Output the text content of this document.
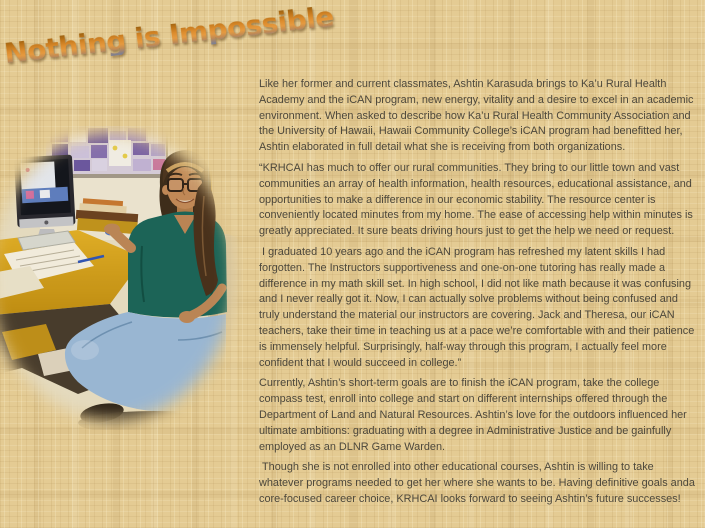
Nothing is Impossible

Like her former and current classmates, Ashtin Karasuda brings to Ka’u Rural Health Academy and the iCAN program, new energy, vitality and a desire to excel in an academic environment. When asked to describe how Ka’u Rural Health Community Association and the University of Hawaii, Hawaii Community College’s iCAN program had benefitted her, Ashtin elaborated in full detail what she is receiving from both organizations.

“KRHCAI has much to offer our rural communities. They bring to our little town and vast communities an array of health information, health resources, educational assistance, and opportunities to make a difference in our economic stability. The resource center is conveniently located minutes from my home. The ease of accessing help within minutes is greatly appreciated. It sure beats driving hours just to get the help we need or request.

I graduated 10 years ago and the iCAN program has refreshed my latent skills I had forgotten. The Instructors supportiveness and one-on-one tutoring has really made a difference in my math skill set. In high school, I did not like math because it was confusing and I never really got it. Now, I can actually solve problems without being confused and truly understand the material our instructors are covering. Jack and Theresa, our iCAN teachers, take their time in teaching us at a pace we’re comfortable with and their patience is immensely helpful. Surprisingly, half-way through this program, I actually feel more confident that I would succeed in college.”

Currently, Ashtin’s short-term goals are to finish the iCAN program, take the college compass test, enroll into college and start on different internships offered through the Department of Land and Natural Resources. Ashtin’s love for the outdoors influenced her ultimate ambitions: graduating with a degree in Administrative Justice and be gainfully employed as an DLNR Game Warden.

Though she is not enrolled into other educational courses, Ashtin is willing to take whatever programs needed to get her where she wants to be. Having definitive goals anda core-focused career choice, KRHCAI looks forward to seeing Ashtin’s future successes!
